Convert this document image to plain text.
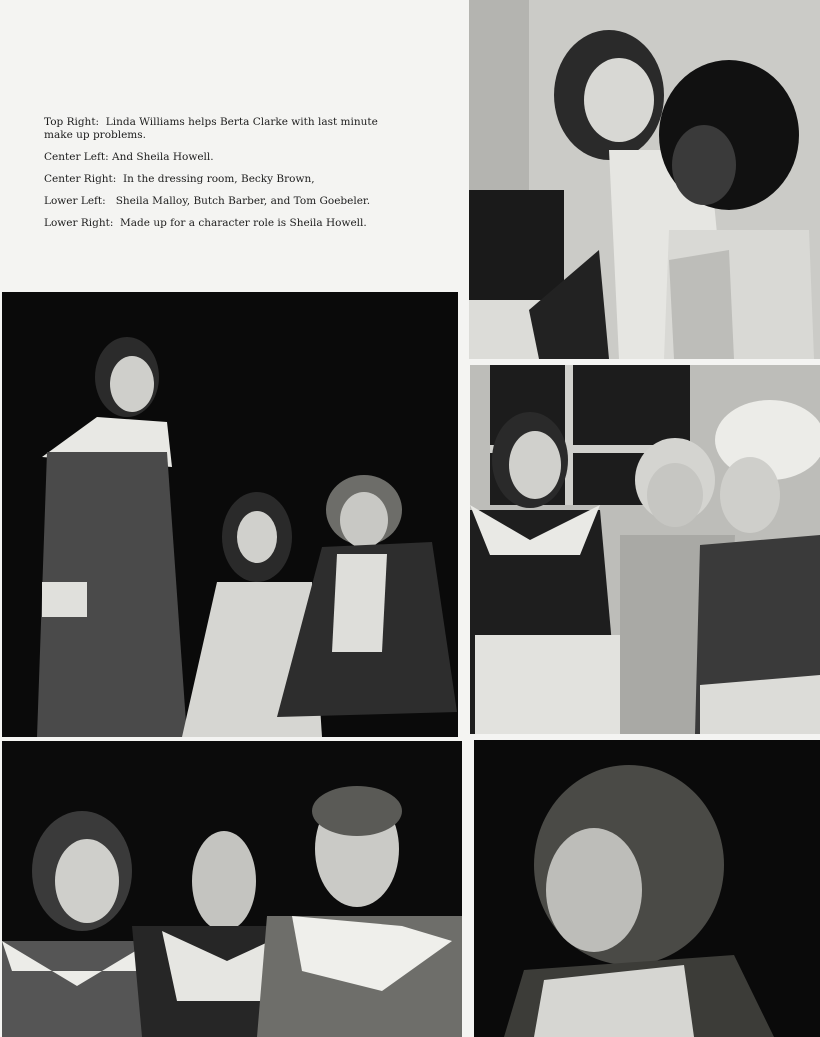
Top Right: Linda Williams helps Berta Clarke with last minute make up problems.

Center Left: And Sheila Howell.

Center Right: In the dressing room, Becky Brown,

Lower Left: Sheila Malloy, Butch Barber, and Tom Goebeler.

Lower Right: Made up for a character role is Sheila Howell.
